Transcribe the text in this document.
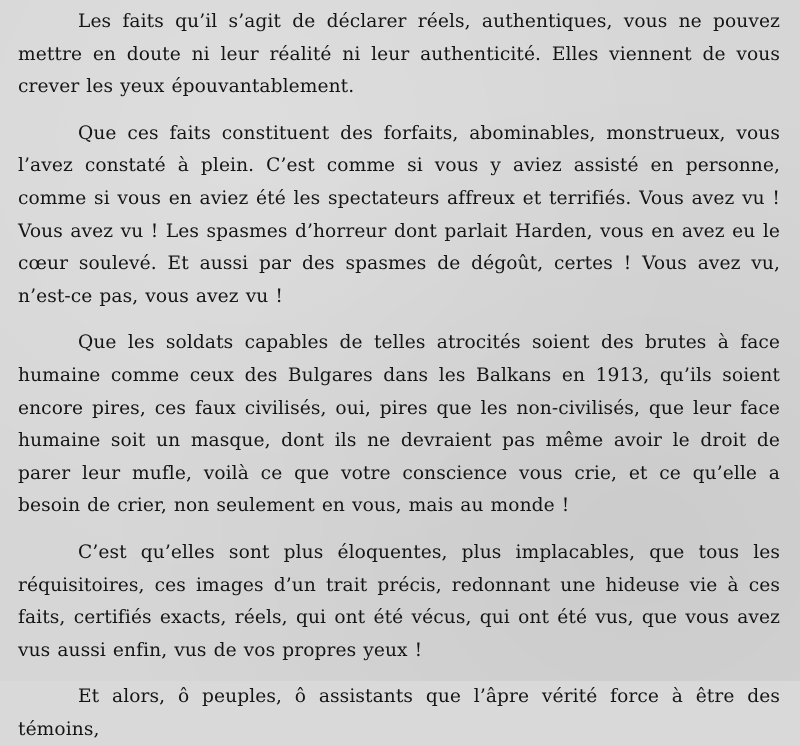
Les faits qu’il s’agit de déclarer réels, authentiques, vous ne pouvez mettre en doute ni leur réalité ni leur authenticité. Elles viennent de vous crever les yeux épouvantablement.

Que ces faits constituent des forfaits, abominables, monstrueux, vous l’avez constaté à plein. C’est comme si vous y aviez assisté en personne, comme si vous en aviez été les spectateurs affreux et terrifiés. Vous avez vu ! Vous avez vu ! Les spasmes d’horreur dont parlait Harden, vous en avez eu le cœur soulevé. Et aussi par des spasmes de dégoût, certes ! Vous avez vu, n’est-ce pas, vous avez vu !

Que les soldats capables de telles atrocités soient des brutes à face humaine comme ceux des Bulgares dans les Balkans en 1913, qu’ils soient encore pires, ces faux civilisés, oui, pires que les non-civilisés, que leur face humaine soit un masque, dont ils ne devraient pas même avoir le droit de parer leur mufle, voilà ce que votre conscience vous crie, et ce qu’elle a besoin de crier, non seulement en vous, mais au monde !

C’est qu’elles sont plus éloquentes, plus implacables, que tous les réquisitoires, ces images d’un trait précis, redonnant une hideuse vie à ces faits, certifiés exacts, réels, qui ont été vécus, qui ont été vus, que vous avez vus aussi enfin, vus de vos propres yeux !

Et alors, ô peuples, ô assistants que l’âpre vérité force à être des témoins,
